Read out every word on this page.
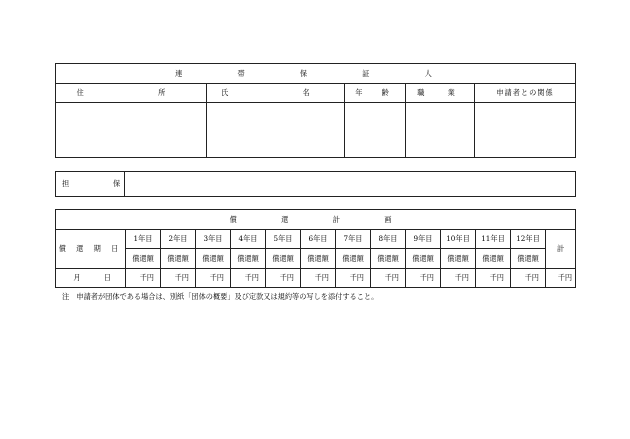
連　帯　保　証　人				
住　　所	氏　　名	年　齢	職　業	申請者との関係

担　　　　保	
償　　還　　計　　画													
償 還 期 日	1年目	2年目	3年目	4年目	5年目	6年目	7年目	8年目	9年目	10年目	11年目	12年目	計
	償還額	償還額	償還額	償還額	償還額	償還額	償還額	償還額	償還額	償還額	償還額	償還額	
月　日	千円	千円	千円	千円	千円	千円	千円	千円	千円	千円	千円	千円	千円
注　申請者が団体である場合は、別紙「団体の概要」及び定款又は規約等の写しを添付すること。
